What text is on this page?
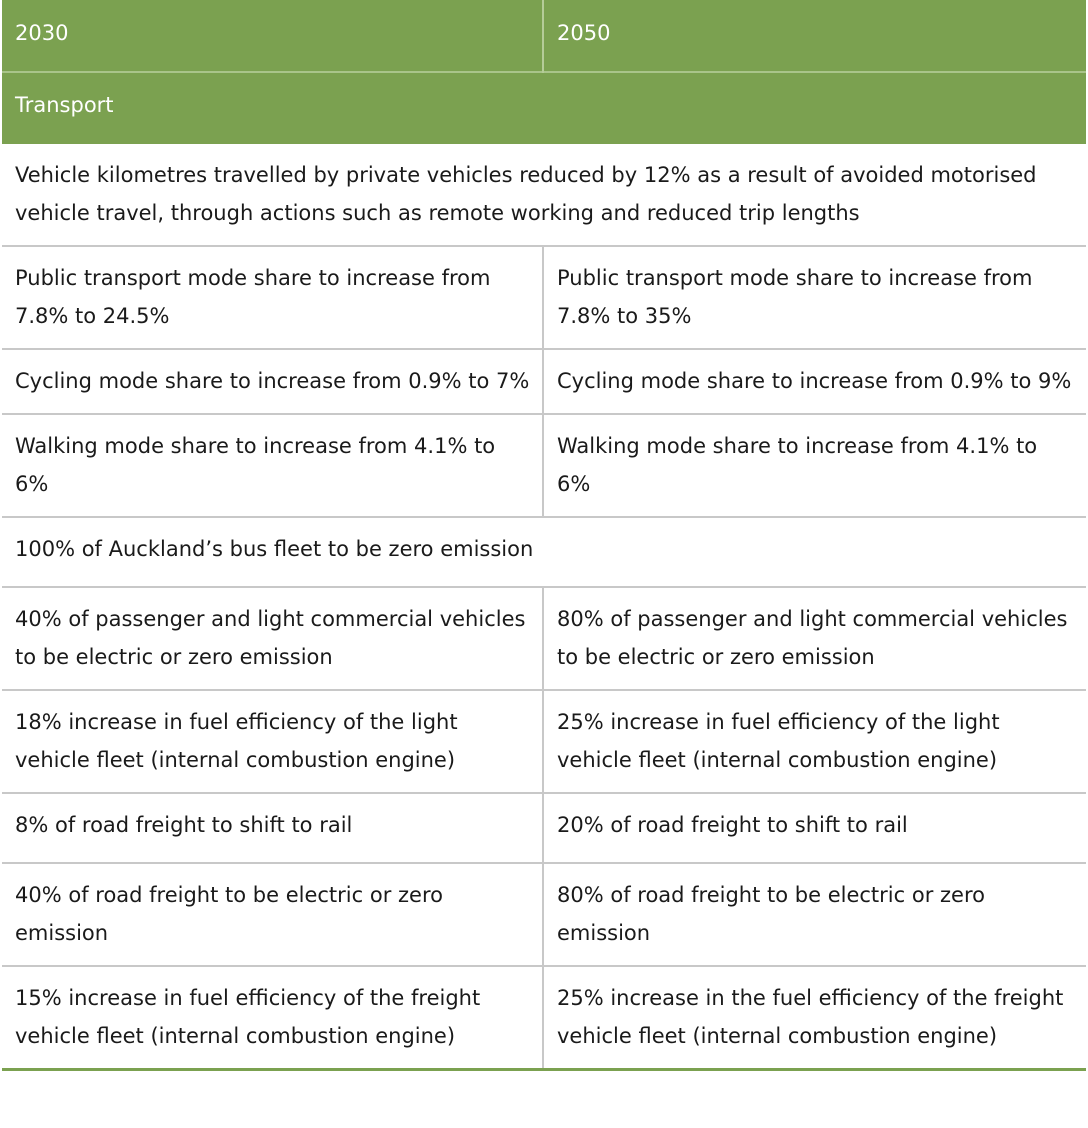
2030	2050
Transport	
Vehicle kilometres travelled by private vehicles reduced by 12% as a result of avoided motorised vehicle travel, through actions such as remote working and reduced trip lengths	
Public transport mode share to increase from 7.8% to 24.5%	Public transport mode share to increase from 7.8% to 35%
Cycling mode share to increase from 0.9% to 7%	Cycling mode share to increase from 0.9% to 9%
Walking mode share to increase from 4.1% to 6%	Walking mode share to increase from 4.1% to 6%
100% of Auckland’s bus fleet to be zero emission	
40% of passenger and light commercial vehicles to be electric or zero emission	80% of passenger and light commercial vehicles to be electric or zero emission
18% increase in fuel efficiency of the light vehicle fleet (internal combustion engine)	25% increase in fuel efficiency of the light vehicle fleet (internal combustion engine)
8% of road freight to shift to rail	20% of road freight to shift to rail
40% of road freight to be electric or zero emission	80% of road freight to be electric or zero emission
15% increase in fuel efficiency of the freight vehicle fleet (internal combustion engine)	25% increase in the fuel efficiency of the freight vehicle fleet (internal combustion engine)
